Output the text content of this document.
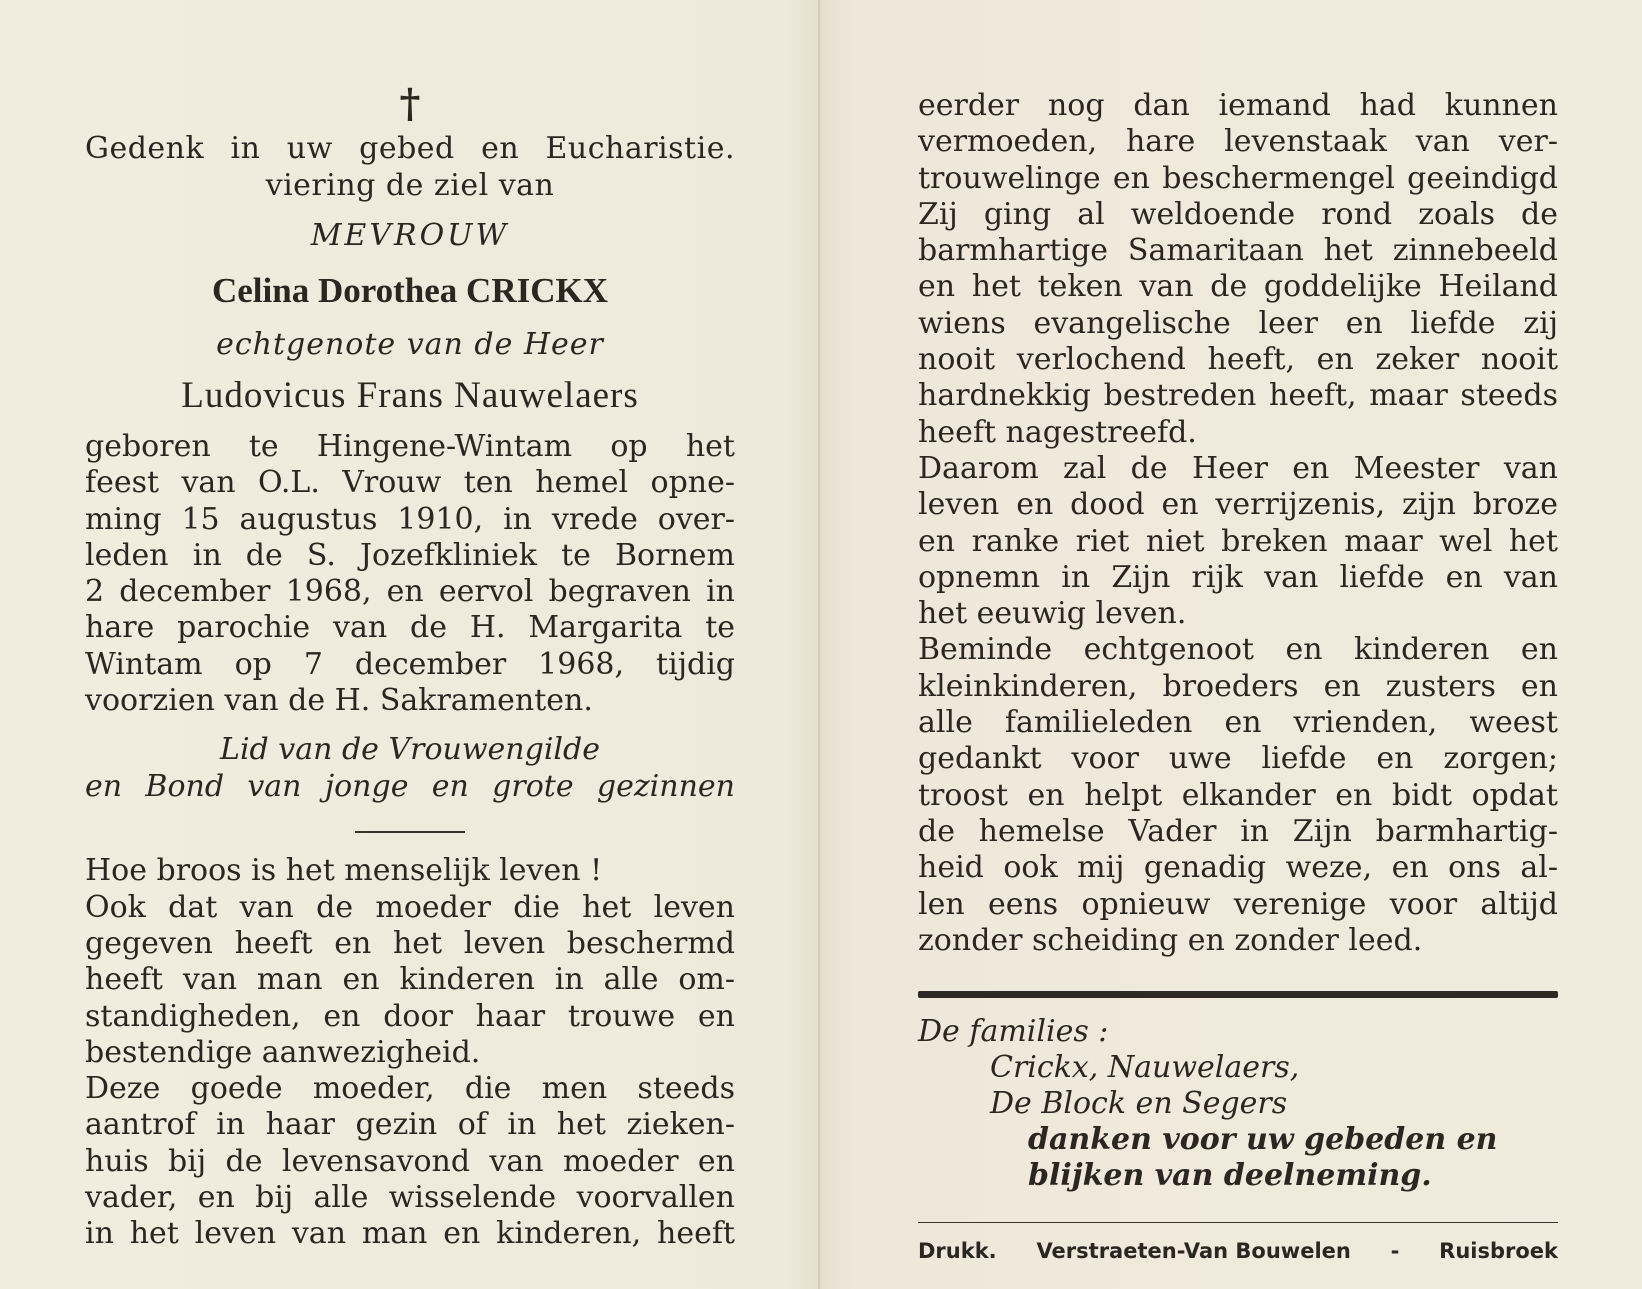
†
Gedenk in uw gebed en Eucharistie.
viering de ziel van
MEVROUW
Celina Dorothea CRICKX
echtgenote van de Heer
Ludovicus Frans Nauwelaers
geboren te Hingene-Wintam op het
feest van O.L. Vrouw ten hemel opne-
ming 15 augustus 1910, in vrede over-
leden in de S. Jozefkliniek te Bornem
2 december 1968, en eervol begraven in
hare parochie van de H. Margarita te
Wintam op 7 december 1968, tijdig
voorzien van de H. Sakramenten.
Lid van de Vrouwengilde
en Bond van jonge en grote gezinnen
Hoe broos is het menselijk leven !
Ook dat van de moeder die het leven
gegeven heeft en het leven beschermd
heeft van man en kinderen in alle om-
standigheden, en door haar trouwe en
bestendige aanwezigheid.
Deze goede moeder, die men steeds
aantrof in haar gezin of in het zieken-
huis bij de levensavond van moeder en
vader, en bij alle wisselende voorvallen
in het leven van man en kinderen, heeft
eerder nog dan iemand had kunnen
vermoeden, hare levenstaak van ver-
trouwelinge en beschermengel geeindigd
Zij ging al weldoende rond zoals de
barmhartige Samaritaan het zinnebeeld
en het teken van de goddelijke Heiland
wiens evangelische leer en liefde zij
nooit verlochend heeft, en zeker nooit
hardnekkig bestreden heeft, maar steeds
heeft nagestreefd.
Daarom zal de Heer en Meester van
leven en dood en verrijzenis, zijn broze
en ranke riet niet breken maar wel het
opnemn in Zijn rijk van liefde en van
het eeuwig leven.
Beminde echtgenoot en kinderen en
kleinkinderen, broeders en zusters en
alle familieleden en vrienden, weest
gedankt voor uwe liefde en zorgen;
troost en helpt elkander en bidt opdat
de hemelse Vader in Zijn barmhartig-
heid ook mij genadig weze, en ons al-
len eens opnieuw verenige voor altijd
zonder scheiding en zonder leed.
De families :
Crickx, Nauwelaers,
De Block en Segers
danken voor uw gebeden en
blijken van deelneming.
Drukk. Verstraeten-Van Bouwelen - Ruisbroek
